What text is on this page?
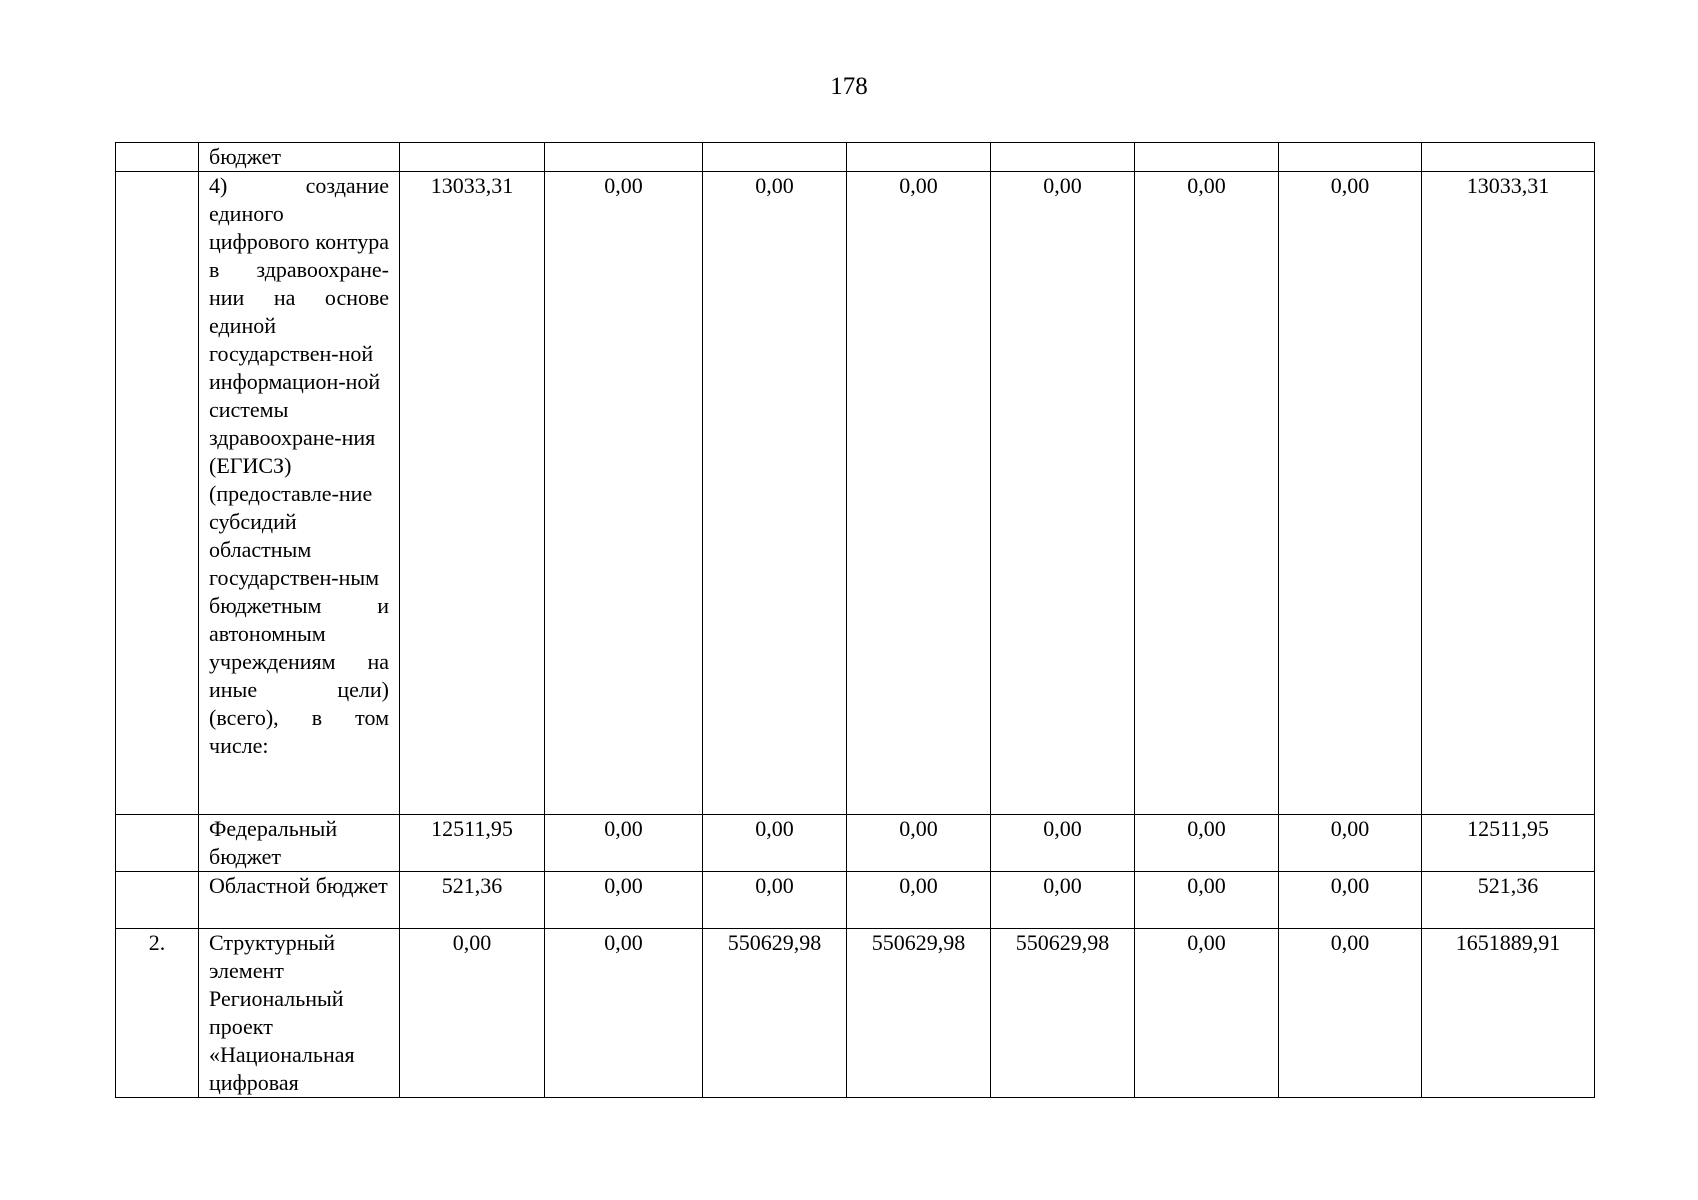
178
	бюджет								
	4) создание единого цифрового контура в здравоохране-нии на основе единой государствен-ной информацион-ной системы здравоохране-ния (ЕГИСЗ) (предоставле-ние субсидий областным государствен-ным бюджетным и автономным учреждениям на иные цели) (всего), в том числе:	13033,31	0,00	0,00	0,00	0,00	0,00	0,00	13033,31
	Федеральный бюджет	12511,95	0,00	0,00	0,00	0,00	0,00	0,00	12511,95
	Областной бюджет	521,36	0,00	0,00	0,00	0,00	0,00	0,00	521,36
2.	Структурный элемент Региональный проект «Национальная цифровая	0,00	0,00	550629,98	550629,98	550629,98	0,00	0,00	1651889,91
